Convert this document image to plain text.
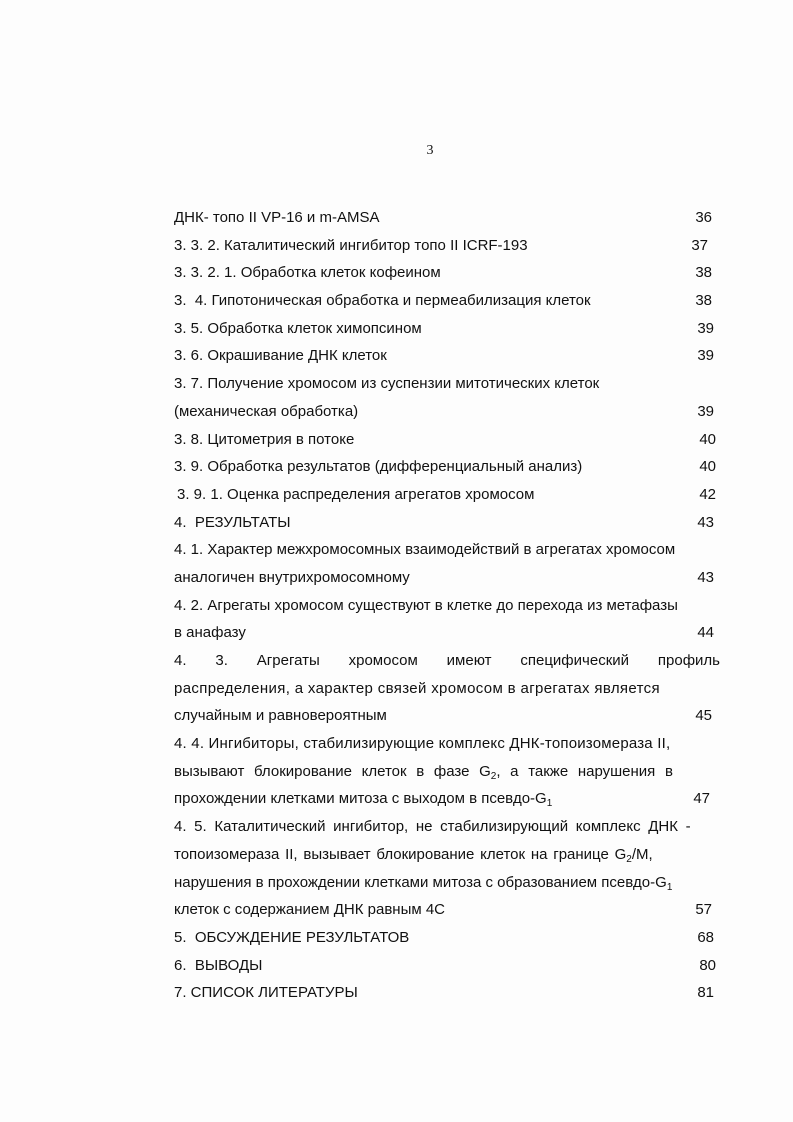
3
ДНК- топо II VP-16 и m-AMSA	36
3. 3. 2. Каталитический ингибитор топо II ICRF-193	37
3. 3. 2. 1. Обработка клеток кофеином	38
3.  4. Гипотоническая обработка и пермеабилизация клеток	38
3. 5. Обработка клеток химопсином	39
3. 6. Окрашивание ДНК клеток	39
3. 7. Получение хромосом из суспензии митотических клеток
(механическая обработка)	39
3. 8. Цитометрия в потоке	40
3. 9. Обработка результатов (дифференциальный анализ)	40
3. 9. 1. Оценка распределения агрегатов хромосом	42
4.  РЕЗУЛЬТАТЫ	43
4. 1. Характер межхромосомных взаимодействий в агрегатах хромосом
аналогичен внутрихромосомному	43
4. 2. Агрегаты хромосом существуют в клетке до перехода из метафазы
в анафазу	44
4. 3. Агрегаты хромосом имеют специфический профиль
распределения, а характер связей хромосом в агрегатах является
случайным и равновероятным	45
4. 4. Ингибиторы, стабилизирующие комплекс ДНК-топоизомераза II,
вызывают блокирование клеток в фазе $G_2$, а также нарушения в
прохождении клетками митоза с выходом в псевдо-$G_1$	47
4. 5. Каталитический ингибитор, не стабилизирующий комплекс ДНК -
топоизомераза II, вызывает блокирование клеток на границе $G_2/М$,
нарушения в прохождении клетками митоза с образованием псевдо-$G_1$
клеток с содержанием ДНК равным 4С	57
5.  ОБСУЖДЕНИЕ РЕЗУЛЬТАТОВ	68
6.  ВЫВОДЫ	80
7. СПИСОК ЛИТЕРАТУРЫ	81
